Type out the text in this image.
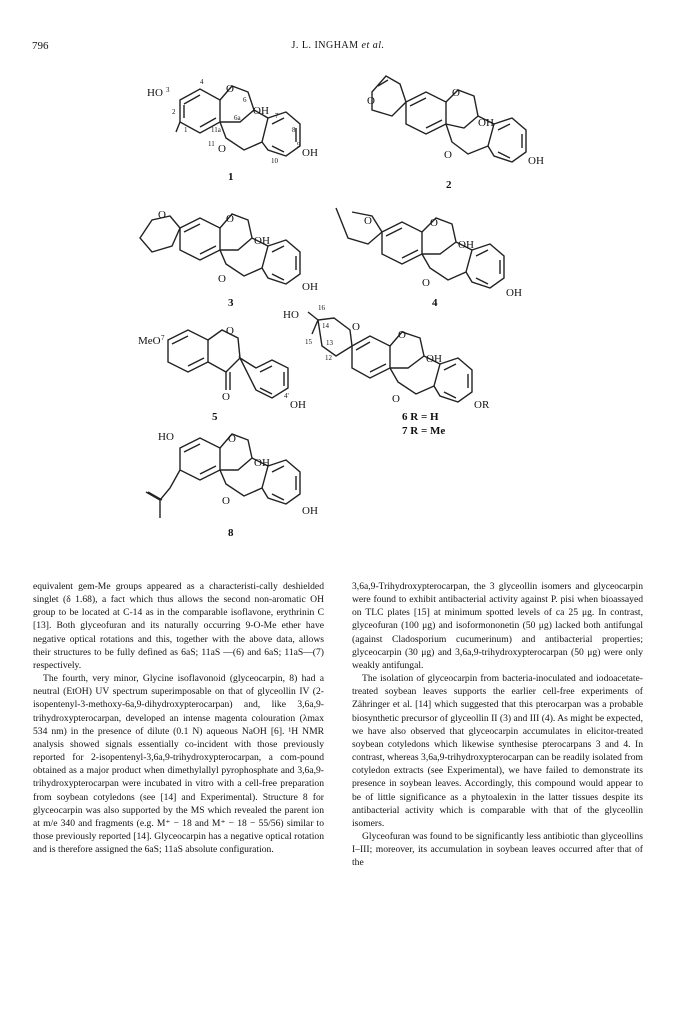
796	J. L. INGHAM et al.
HO	O
OH
O	OH
3
4
2
1
6
6a
11a
11
7
8
9
10
1
O
O
OH
O	OH
2
O	O
OH
O
OH
3
O	O
OH
O
OH
4
MeO
O
O
OH
7
4'
5
HO
O
O
OH
O	OR
16
14
15 13
12
6 R = H
7 R = Me
HO	O
OH
O
OH
8

equivalent gem-Me groups appeared as a characteristi-cally deshielded singlet (δ 1.68), a fact which thus allows the second non-aromatic OH group to be located at C-14 as in the comparable isoflavone, erythrinin C [13]. Both glyceofuran and its naturally occurring 9-O-Me ether have negative optical rotations and this, together with the above data, allows their structures to be fully defined as 6aS; 11aS —(6) and 6aS; 11aS—(7) respectively.

The fourth, very minor, Glycine isoflavonoid (glyceocarpin, 8) had a neutral (EtOH) UV spectrum superimposable on that of glyceollin IV (2-isopentenyl-3-methoxy-6a,9-dihydroxypterocarpan) and, like 3,6a,9-trihydroxypterocarpan, developed an intense magenta colouration (λmax 534 nm) in the presence of dilute (0.1 N) aqueous NaOH [6]. ¹H NMR analysis showed signals essentially co-incident with those previously reported for 2-isopentenyl-3,6a,9-trihydroxypterocarpan, a com-pound obtained as a major product when dimethylallyl pyrophosphate and 3,6a,9-trihydroxypterocarpan were incubated in vitro with a cell-free preparation from soybean cotyledons (see [14] and Experimental). Structure 8 for glyceocarpin was also supported by the MS which revealed the parent ion at m/e 340 and fragments (e.g. M⁺ − 18 and M⁺ − 18 − 55/56) similar to those previously reported [14]. Glyceocarpin has a negative optical rotation and is therefore assigned the 6aS; 11aS absolute configuration.

3,6a,9-Trihydroxypterocarpan, the 3 glyceollin isomers and glyceocarpin were found to exhibit antibacterial activity against P. pisi when bioassayed on TLC plates [15] at minimum spotted levels of ca 25 μg. In contrast, glyceofuran (100 μg) and isoformononetin (50 μg) lacked both antifungal (against Cladosporium cucumerinum) and antibacterial properties; glyceocarpin (30 μg) and 3,6a,9-trihydroxypterocarpan (50 μg) were only weakly antifungal.

The isolation of glyceocarpin from bacteria-inoculated and iodoacetate-treated soybean leaves supports the earlier cell-free experiments of Zähringer et al. [14] which suggested that this pterocarpan was a probable biosynthetic precursor of glyceollin II (3) and III (4). As might be expected, we have also observed that glyceocarpin accumulates in elicitor-treated soybean cotyledons which likewise synthesise pterocarpans 3 and 4. In contrast, whereas 3,6a,9-trihydroxypterocarpan can be readily isolated from cotyledon extracts (see Experimental), we have failed to demonstrate its presence in soybean leaves. Accordingly, this compound would appear to be of little significance as a phytoalexin in the latter tissues despite its antibacterial activity which is comparable with that of the glyceollin isomers.

Glyceofuran was found to be significantly less antibiotic than glyceollins I–III; moreover, its accumulation in soybean leaves occurred after that of the
